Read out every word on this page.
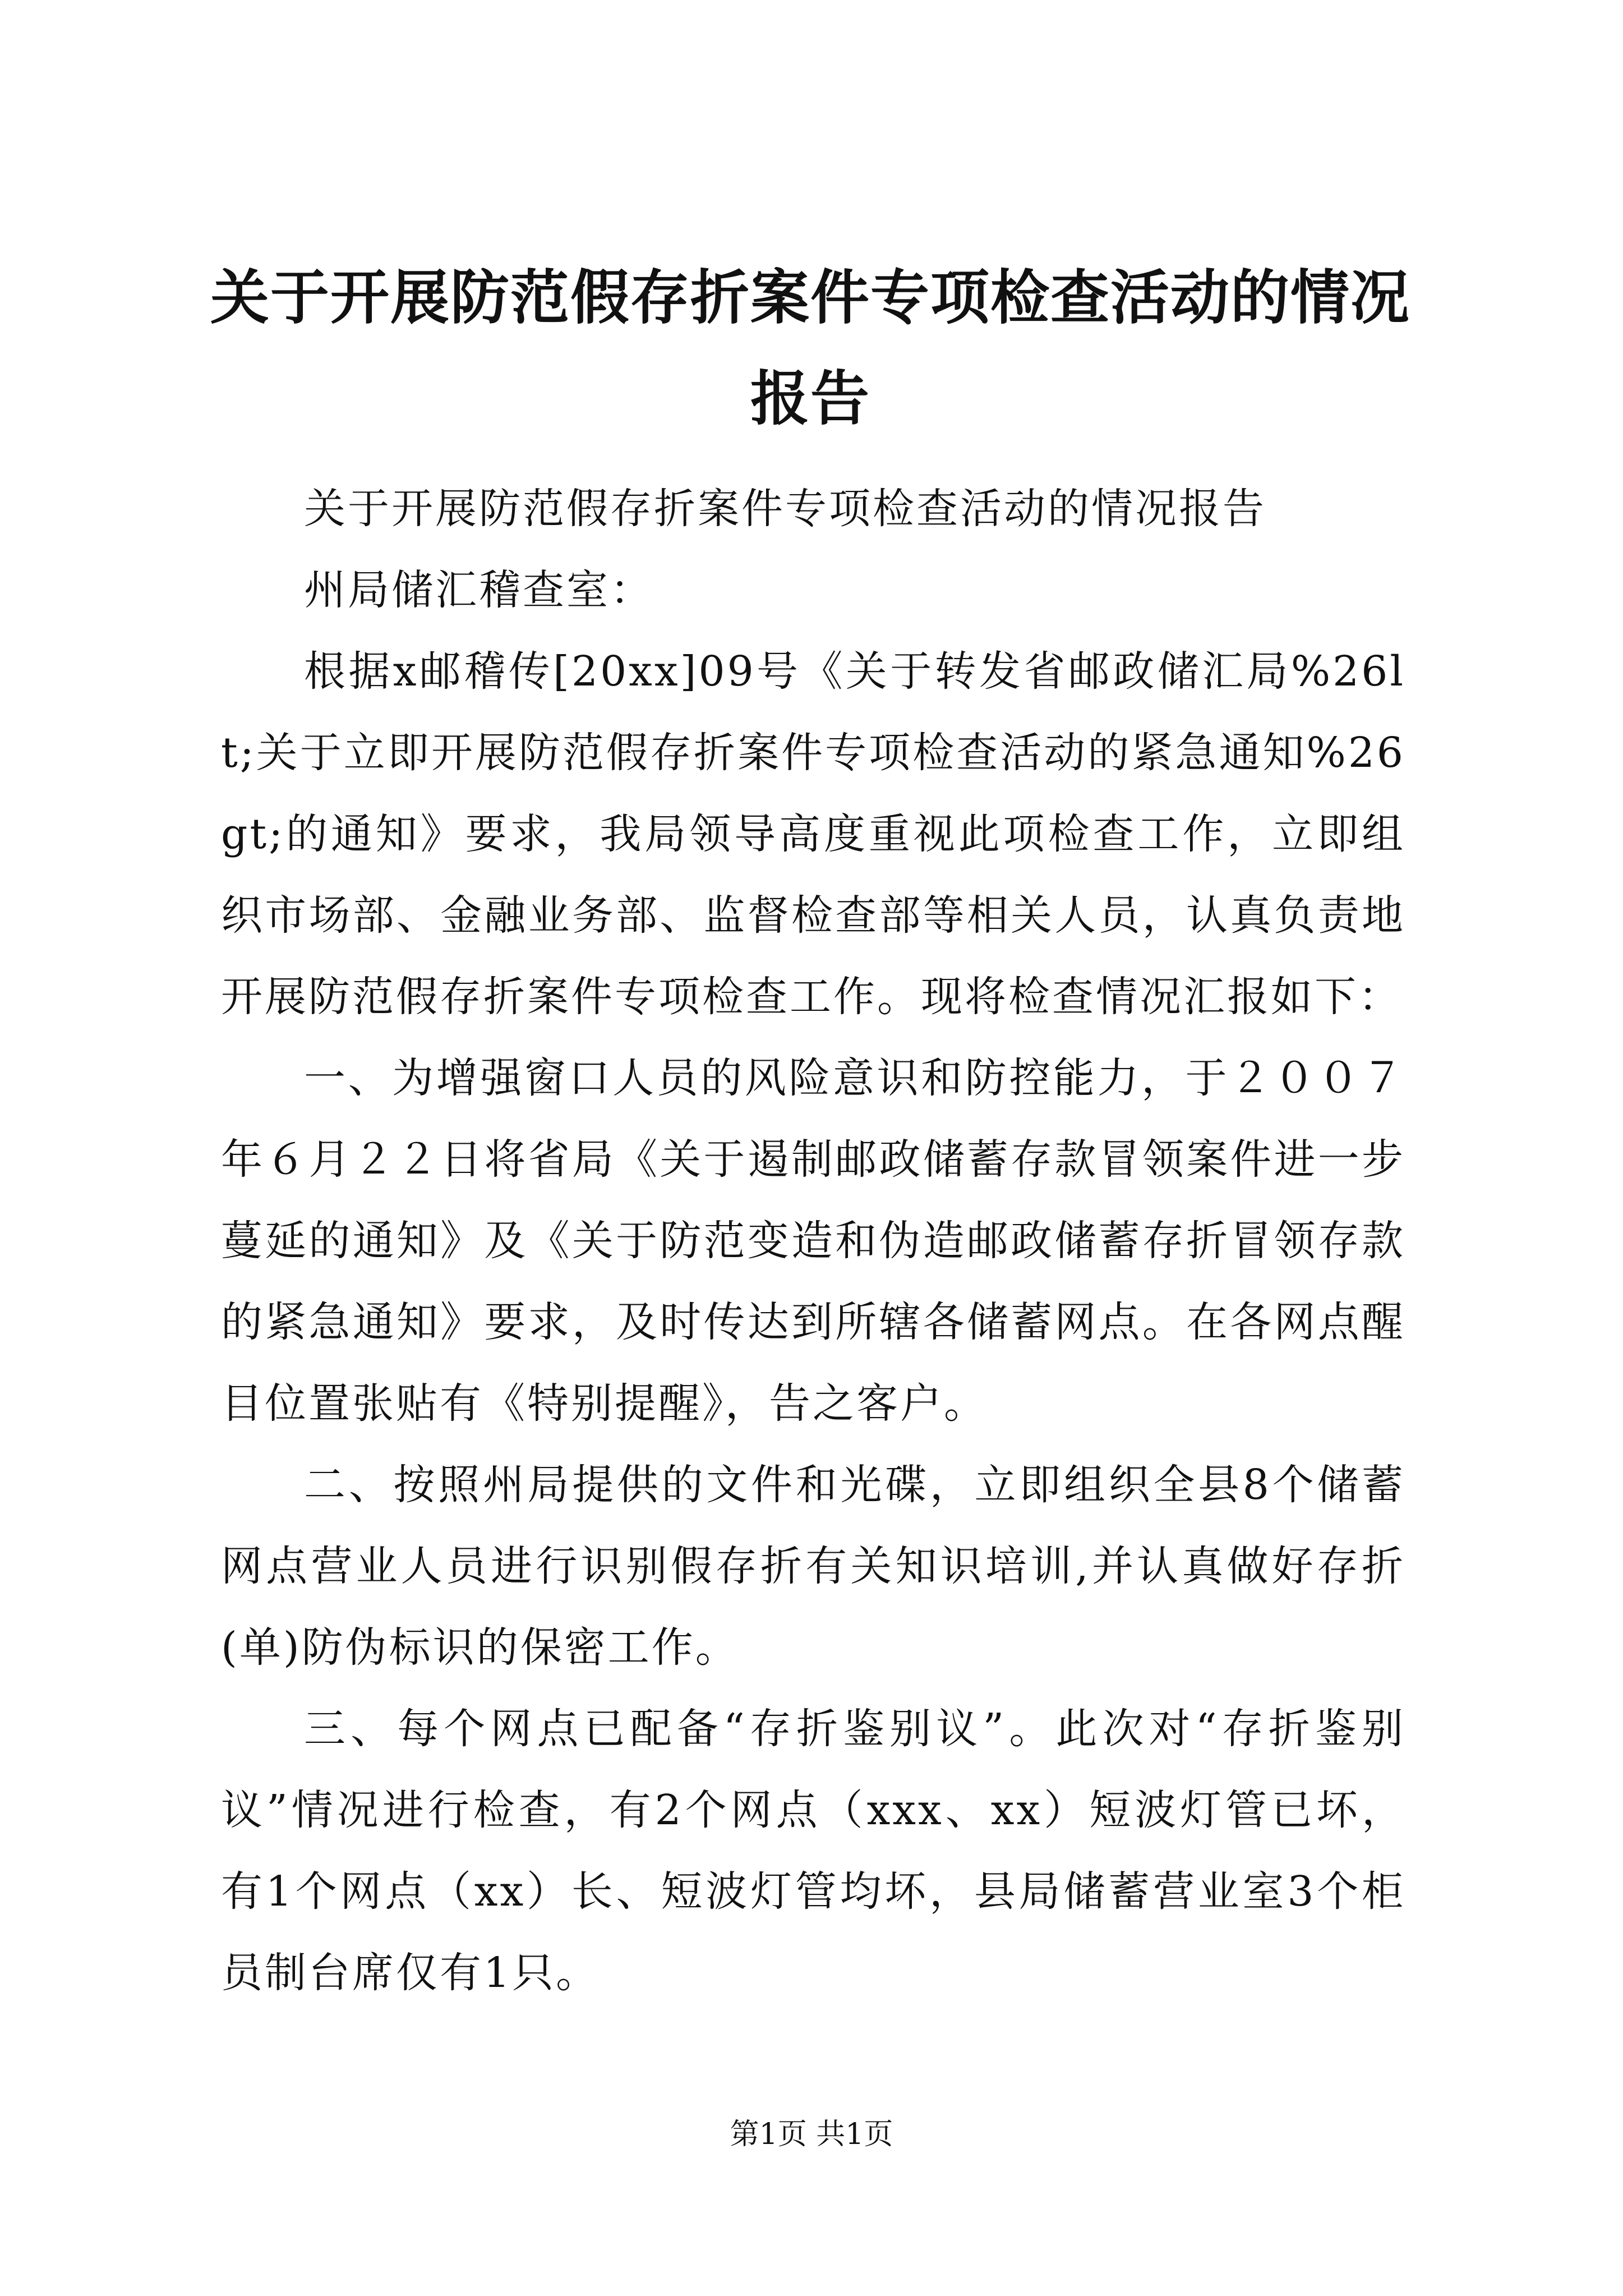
关于开展防范假存折案件专项检查活动的情况报告

关于开展防范假存折案件专项检查活动的情况报告

州局储汇稽查室：

根据x邮稽传[20xx]09号《关于转发省邮政储汇局%26lt;关于立即开展防范假存折案件专项检查活动的紧急通知%26gt;的通知》要求，我局领导高度重视此项检查工作，立即组织市场部、金融业务部、监督检查部等相关人员，认真负责地开展防范假存折案件专项检查工作。现将检查情况汇报如下：

一、为增强窗口人员的风险意识和防控能力，于２００７年６月２２日将省局《关于遏制邮政储蓄存款冒领案件进一步蔓延的通知》及《关于防范变造和伪造邮政储蓄存折冒领存款的紧急通知》要求，及时传达到所辖各储蓄网点。在各网点醒目位置张贴有《特别提醒》，告之客户。

二、按照州局提供的文件和光碟，立即组织全县8个储蓄网点营业人员进行识别假存折有关知识培训,并认真做好存折(单)防伪标识的保密工作。

三、每个网点已配备“存折鉴别议”。此次对“存折鉴别议”情况进行检查，有2个网点（xxx、xx）短波灯管已坏，有1个网点（xx）长、短波灯管均坏，县局储蓄营业室3个柜员制台席仅有1只。

第1页 共1页
